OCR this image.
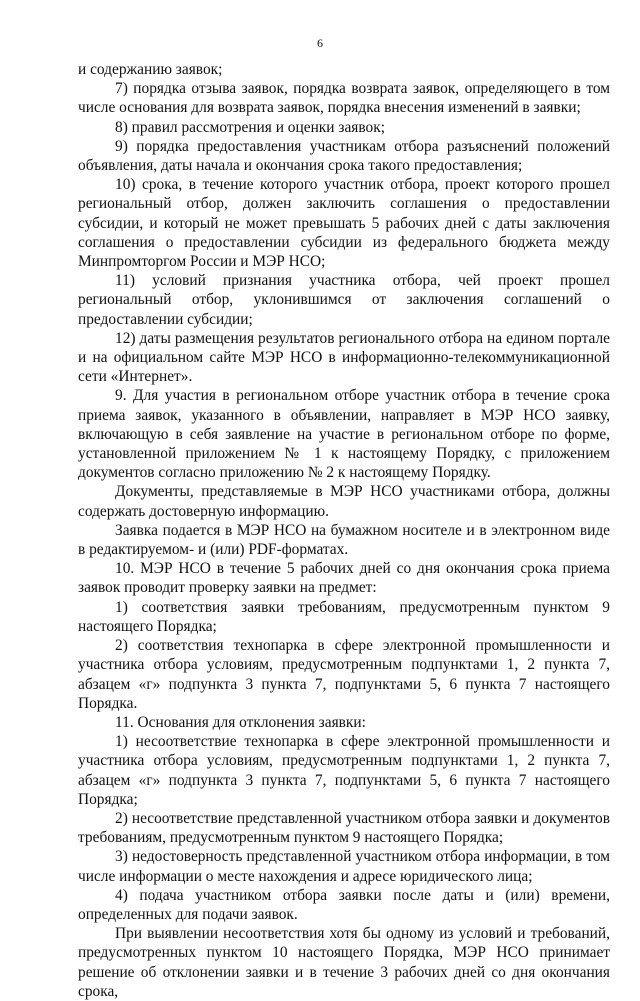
6

и содержанию заявок;

7) порядка отзыва заявок, порядка возврата заявок, определяющего в том числе основания для возврата заявок, порядка внесения изменений в заявки;

8) правил рассмотрения и оценки заявок;

9) порядка предоставления участникам отбора разъяснений положений объявления, даты начала и окончания срока такого предоставления;

10) срока, в течение которого участник отбора, проект которого прошел региональный отбор, должен заключить соглашения о предоставлении субсидии, и который не может превышать 5 рабочих дней с даты заключения соглашения о предоставлении субсидии из федерального бюджета между Минпромторгом России и МЭР НСО;

11) условий признания участника отбора, чей проект прошел региональный отбор, уклонившимся от заключения соглашений о предоставлении субсидии;

12) даты размещения результатов регионального отбора на едином портале и на официальном сайте МЭР НСО в информационно-телекоммуникационной сети «Интернет».

9. Для участия в региональном отборе участник отбора в течение срока приема заявок, указанного в объявлении, направляет в МЭР НСО заявку, включающую в себя заявление на участие в региональном отборе по форме, установленной приложением № 1 к настоящему Порядку, с приложением документов согласно приложению № 2 к настоящему Порядку.

Документы, представляемые в МЭР НСО участниками отбора, должны содержать достоверную информацию.

Заявка подается в МЭР НСО на бумажном носителе и в электронном виде в редактируемом- и (или) PDF-форматах.

10. МЭР НСО в течение 5 рабочих дней со дня окончания срока приема заявок проводит проверку заявки на предмет:

1) соответствия заявки требованиям, предусмотренным пунктом 9 настоящего Порядка;

2) соответствия технопарка в сфере электронной промышленности и участника отбора условиям, предусмотренным подпунктами 1, 2 пункта 7, абзацем «г» подпункта 3 пункта 7, подпунктами 5, 6 пункта 7 настоящего Порядка.

11. Основания для отклонения заявки:

1) несоответствие технопарка в сфере электронной промышленности и участника отбора условиям, предусмотренным подпунктами 1, 2 пункта 7, абзацем «г» подпункта 3 пункта 7, подпунктами 5, 6 пункта 7 настоящего Порядка;

2) несоответствие представленной участником отбора заявки и документов требованиям, предусмотренным пунктом 9 настоящего Порядка;

3) недостоверность представленной участником отбора информации, в том числе информации о месте нахождения и адресе юридического лица;

4) подача участником отбора заявки после даты и (или) времени, определенных для подачи заявок.

При выявлении несоответствия хотя бы одному из условий и требований, предусмотренных пунктом 10 настоящего Порядка, МЭР НСО принимает решение об отклонении заявки и в течение 3 рабочих дней со дня окончания срока,
